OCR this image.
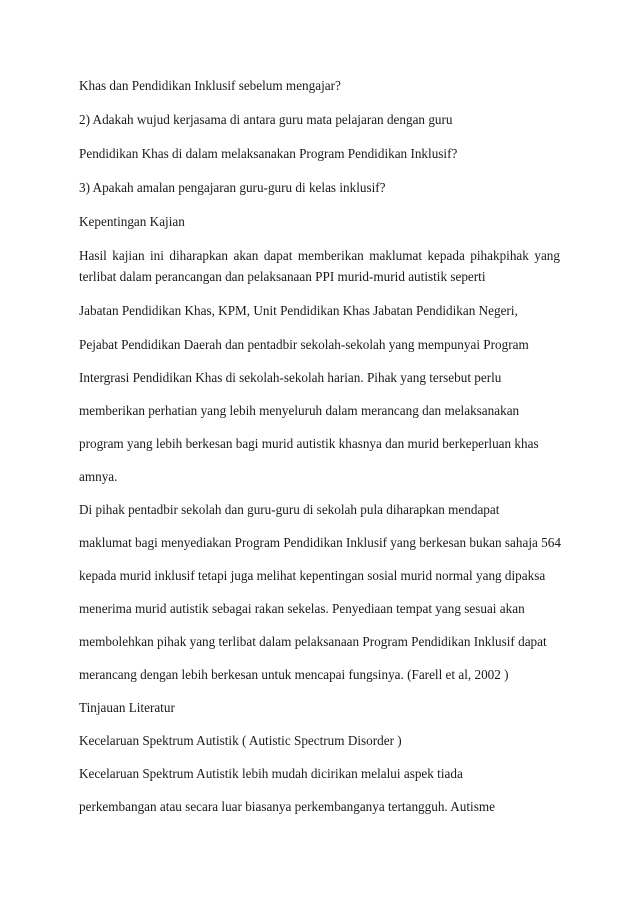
Khas dan Pendidikan Inklusif sebelum mengajar?

2) Adakah wujud kerjasama di antara guru mata pelajaran dengan guru

Pendidikan Khas di dalam melaksanakan Program Pendidikan Inklusif?

3) Apakah amalan pengajaran guru-guru di kelas inklusif?

Kepentingan Kajian

Hasil kajian ini diharapkan akan dapat memberikan maklumat kepada pihakpihak yang

terlibat dalam perancangan dan pelaksanaan PPI murid-murid autistik seperti

Jabatan Pendidikan Khas, KPM, Unit Pendidikan Khas Jabatan Pendidikan Negeri,

Pejabat Pendidikan Daerah dan pentadbir sekolah-sekolah yang mempunyai Program

Intergrasi Pendidikan Khas di sekolah-sekolah harian. Pihak yang tersebut perlu

memberikan perhatian yang lebih menyeluruh dalam merancang dan melaksanakan

program yang lebih berkesan bagi murid autistik khasnya dan murid berkeperluan khas

amnya.

Di pihak pentadbir sekolah dan guru-guru di sekolah pula diharapkan mendapat

maklumat bagi menyediakan Program Pendidikan Inklusif yang berkesan bukan sahaja 564

kepada murid inklusif tetapi juga melihat kepentingan sosial murid normal yang dipaksa

menerima murid autistik sebagai rakan sekelas. Penyediaan tempat yang sesuai akan

membolehkan pihak yang terlibat dalam pelaksanaan Program Pendidikan Inklusif dapat

merancang dengan lebih berkesan untuk mencapai fungsinya. (Farell et al, 2002 )

Tinjauan Literatur

Kecelaruan Spektrum Autistik ( Autistic Spectrum Disorder )

Kecelaruan Spektrum Autistik lebih mudah dicirikan melalui aspek tiada

perkembangan atau secara luar biasanya perkembanganya tertangguh. Autisme
